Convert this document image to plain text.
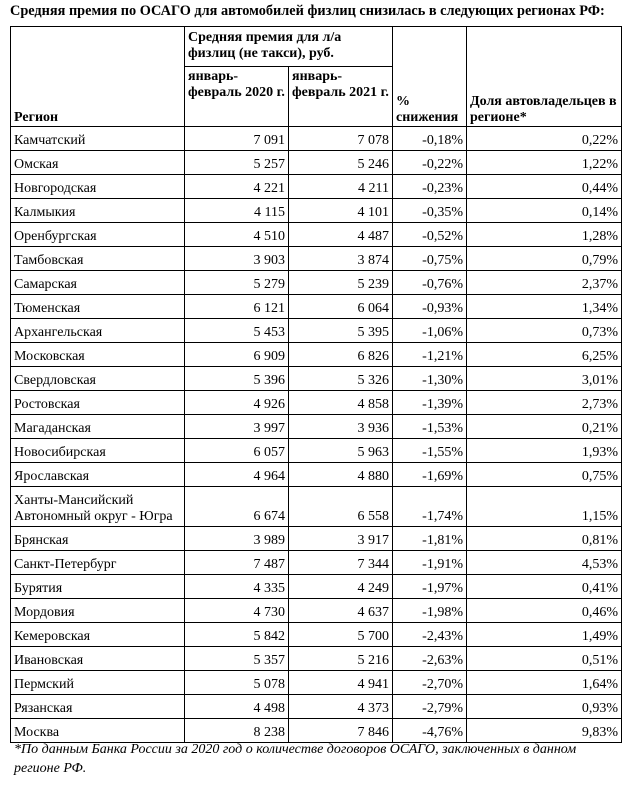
Средняя премия по ОСАГО для автомобилей физлиц снизилась в следующих регионах РФ:
Регион	Средняя премия для л/а физлиц (не такси), руб.		% снижения	Доля автовладельцев в регионе*
	январь-февраль 2020 г.	январь-февраль 2021 г.		
Камчатский	7 091	7 078	-0,18%	0,22%
Омская	5 257	5 246	-0,22%	1,22%
Новгородская	4 221	4 211	-0,23%	0,44%
Калмыкия	4 115	4 101	-0,35%	0,14%
Оренбургская	4 510	4 487	-0,52%	1,28%
Тамбовская	3 903	3 874	-0,75%	0,79%
Самарская	5 279	5 239	-0,76%	2,37%
Тюменская	6 121	6 064	-0,93%	1,34%
Архангельская	5 453	5 395	-1,06%	0,73%
Московская	6 909	6 826	-1,21%	6,25%
Свердловская	5 396	5 326	-1,30%	3,01%
Ростовская	4 926	4 858	-1,39%	2,73%
Магаданская	3 997	3 936	-1,53%	0,21%
Новосибирская	6 057	5 963	-1,55%	1,93%
Ярославская	4 964	4 880	-1,69%	0,75%
Ханты-Мансийский Автономный округ - Югра	6 674	6 558	-1,74%	1,15%
Брянская	3 989	3 917	-1,81%	0,81%
Санкт-Петербург	7 487	7 344	-1,91%	4,53%
Бурятия	4 335	4 249	-1,97%	0,41%
Мордовия	4 730	4 637	-1,98%	0,46%
Кемеровская	5 842	5 700	-2,43%	1,49%
Ивановская	5 357	5 216	-2,63%	0,51%
Пермский	5 078	4 941	-2,70%	1,64%
Рязанская	4 498	4 373	-2,79%	0,93%
Москва	8 238	7 846	-4,76%	9,83%
*По данным Банка России за 2020 год о количестве договоров ОСАГО, заключенных в данном регионе РФ.
